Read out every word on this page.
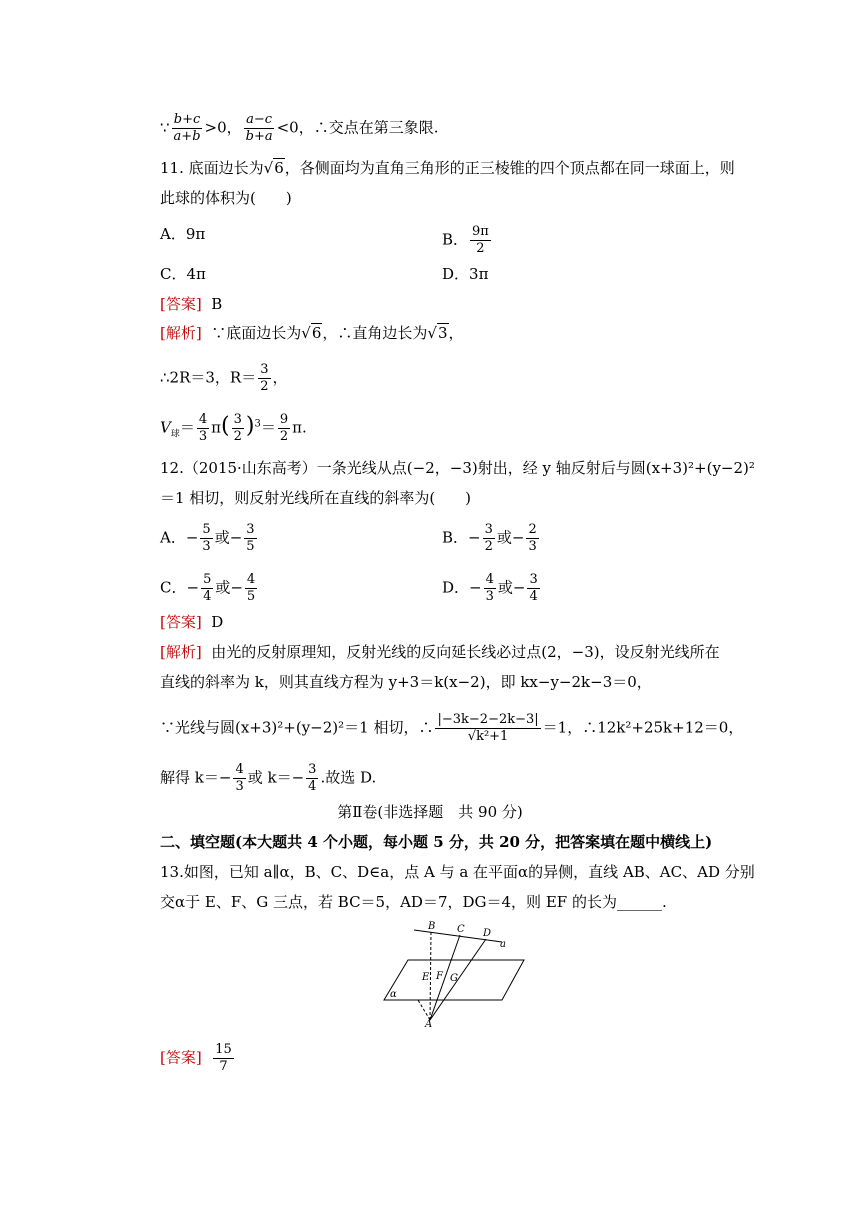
∵ $\frac{b+c}{a+b} >0$， $\frac{a-c}{b+a} <0$，∴交点在第三象限.
11. 底面边长为√6，各侧面均为直角三角形的正三棱锥的四个顶点都在同一球面上，则
此球的体积为(　　)
A．9π	B． $\frac{9\pi}{2}$
C．4π	D．3π
[答案] B
[解析] ∵底面边长为√6，∴直角边长为√3，
∴2R＝3，$R= \frac{3}{2}$ ，
$V_球= \frac{4}{3} \pi( \frac{3}{2} )^3= \frac{9}{2} \pi$.
12.（2015·山东高考）一条光线从点(−2，−3)射出，经 y 轴反射后与圆(x+3)²+(y−2)²
＝1 相切，则反射光线所在直线的斜率为(　　)
A．− $\frac{5}{3}$ 或− $\frac{3}{5}$	B．− $\frac{3}{2}$ 或− $\frac{2}{3}$
C．− $\frac{5}{4}$ 或− $\frac{4}{5}$	D．− $\frac{4}{3}$ 或− $\frac{3}{4}$
[答案] D
[解析] 由光的反射原理知，反射光线的反向延长线必过点(2，−3)，设反射光线所在
直线的斜率为 k，则其直线方程为 y+3＝k(x−2)，即 kx−y−2k−3＝0，
∵光线与圆(x+3)²+(y−2)²＝1 相切，∴ $\frac{|-3k-2-2k-3|}{\text{√k²+1}} =1$，∴12k²+25k+12＝0，
解得 $k=- \frac{4}{3}$ 或 $k=- \frac{3}{4}$ .故选 D.
第Ⅱ卷(非选择题　共 90 分)
二、填空题(本大题共 4 个小题，每小题 5 分，共 20 分，把答案填在题中横线上)
13.如图，已知 a∥α，B、C、D∈a，点 A 与 a 在平面α的异侧，直线 AB、AC、AD 分别
交α于 E、F、G 三点，若 BC＝5，AD＝7，DG＝4，则 EF 的长为______.
B C D
a
E F G
α
A
[答案] $\frac{15}{7}$
